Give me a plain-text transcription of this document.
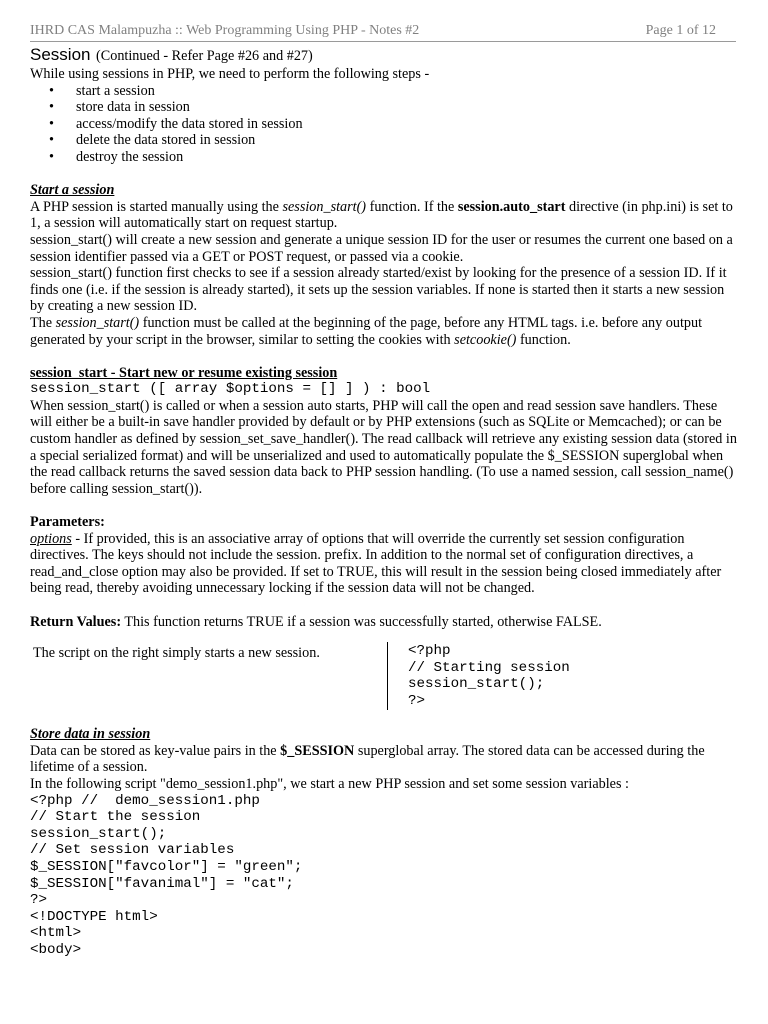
IHRD CAS Malampuzha :: Web Programming Using PHP - Notes #2	Page 1 of 12
Session (Continued - Refer Page #26 and #27)

While using sessions in PHP, we need to perform the following steps -

• start a session
• store data in session
• access/modify the data stored in session
• delete the data stored in session
• destroy the session

Start a session

A PHP session is started manually using the session_start() function. If the session.auto_start directive (in php.ini) is set to 1, a session will automatically start on request startup.

session_start() will create a new session and generate a unique session ID for the user or resumes the current one based on a session identifier passed via a GET or POST request, or passed via a cookie.

session_start() function first checks to see if a session already started/exist by looking for the presence of a session ID. If it finds one (i.e. if the session is already started), it sets up the session variables. If none is started then it starts a new session by creating a new session ID.

The session_start() function must be called at the beginning of the page, before any HTML tags. i.e. before any output generated by your script in the browser, similar to setting the cookies with setcookie() function.

session_start - Start new or resume existing session

session_start ([ array $options = [] ] ) : bool

When session_start() is called or when a session auto starts, PHP will call the open and read session save handlers. These will either be a built-in save handler provided by default or by PHP extensions (such as SQLite or Memcached); or can be custom handler as defined by session_set_save_handler(). The read callback will retrieve any existing session data (stored in a special serialized format) and will be unserialized and used to automatically populate the $_SESSION superglobal when the read callback returns the saved session data back to PHP session handling. (To use a named session, call session_name() before calling session_start()).

Parameters:

options - If provided, this is an associative array of options that will override the currently set session configuration directives. The keys should not include the session. prefix. In addition to the normal set of configuration directives, a read_and_close option may also be provided. If set to TRUE, this will result in the session being closed immediately after being read, thereby avoiding unnecessary locking if the session data will not be changed.

Return Values: This function returns TRUE if a session was successfully started, otherwise FALSE.

The script on the right simply starts a new session.	<?php
// Starting session
session_start();
?>

Store data in session

Data can be stored as key-value pairs in the $_SESSION superglobal array. The stored data can be accessed during the lifetime of a session.

In the following script "demo_session1.php", we start a new PHP session and set some session variables :

<?php //  demo_session1.php
// Start the session
session_start();
// Set session variables
$_SESSION["favcolor"] = "green";
$_SESSION["favanimal"] = "cat";
?>
<!DOCTYPE html>
<html>
<body>
